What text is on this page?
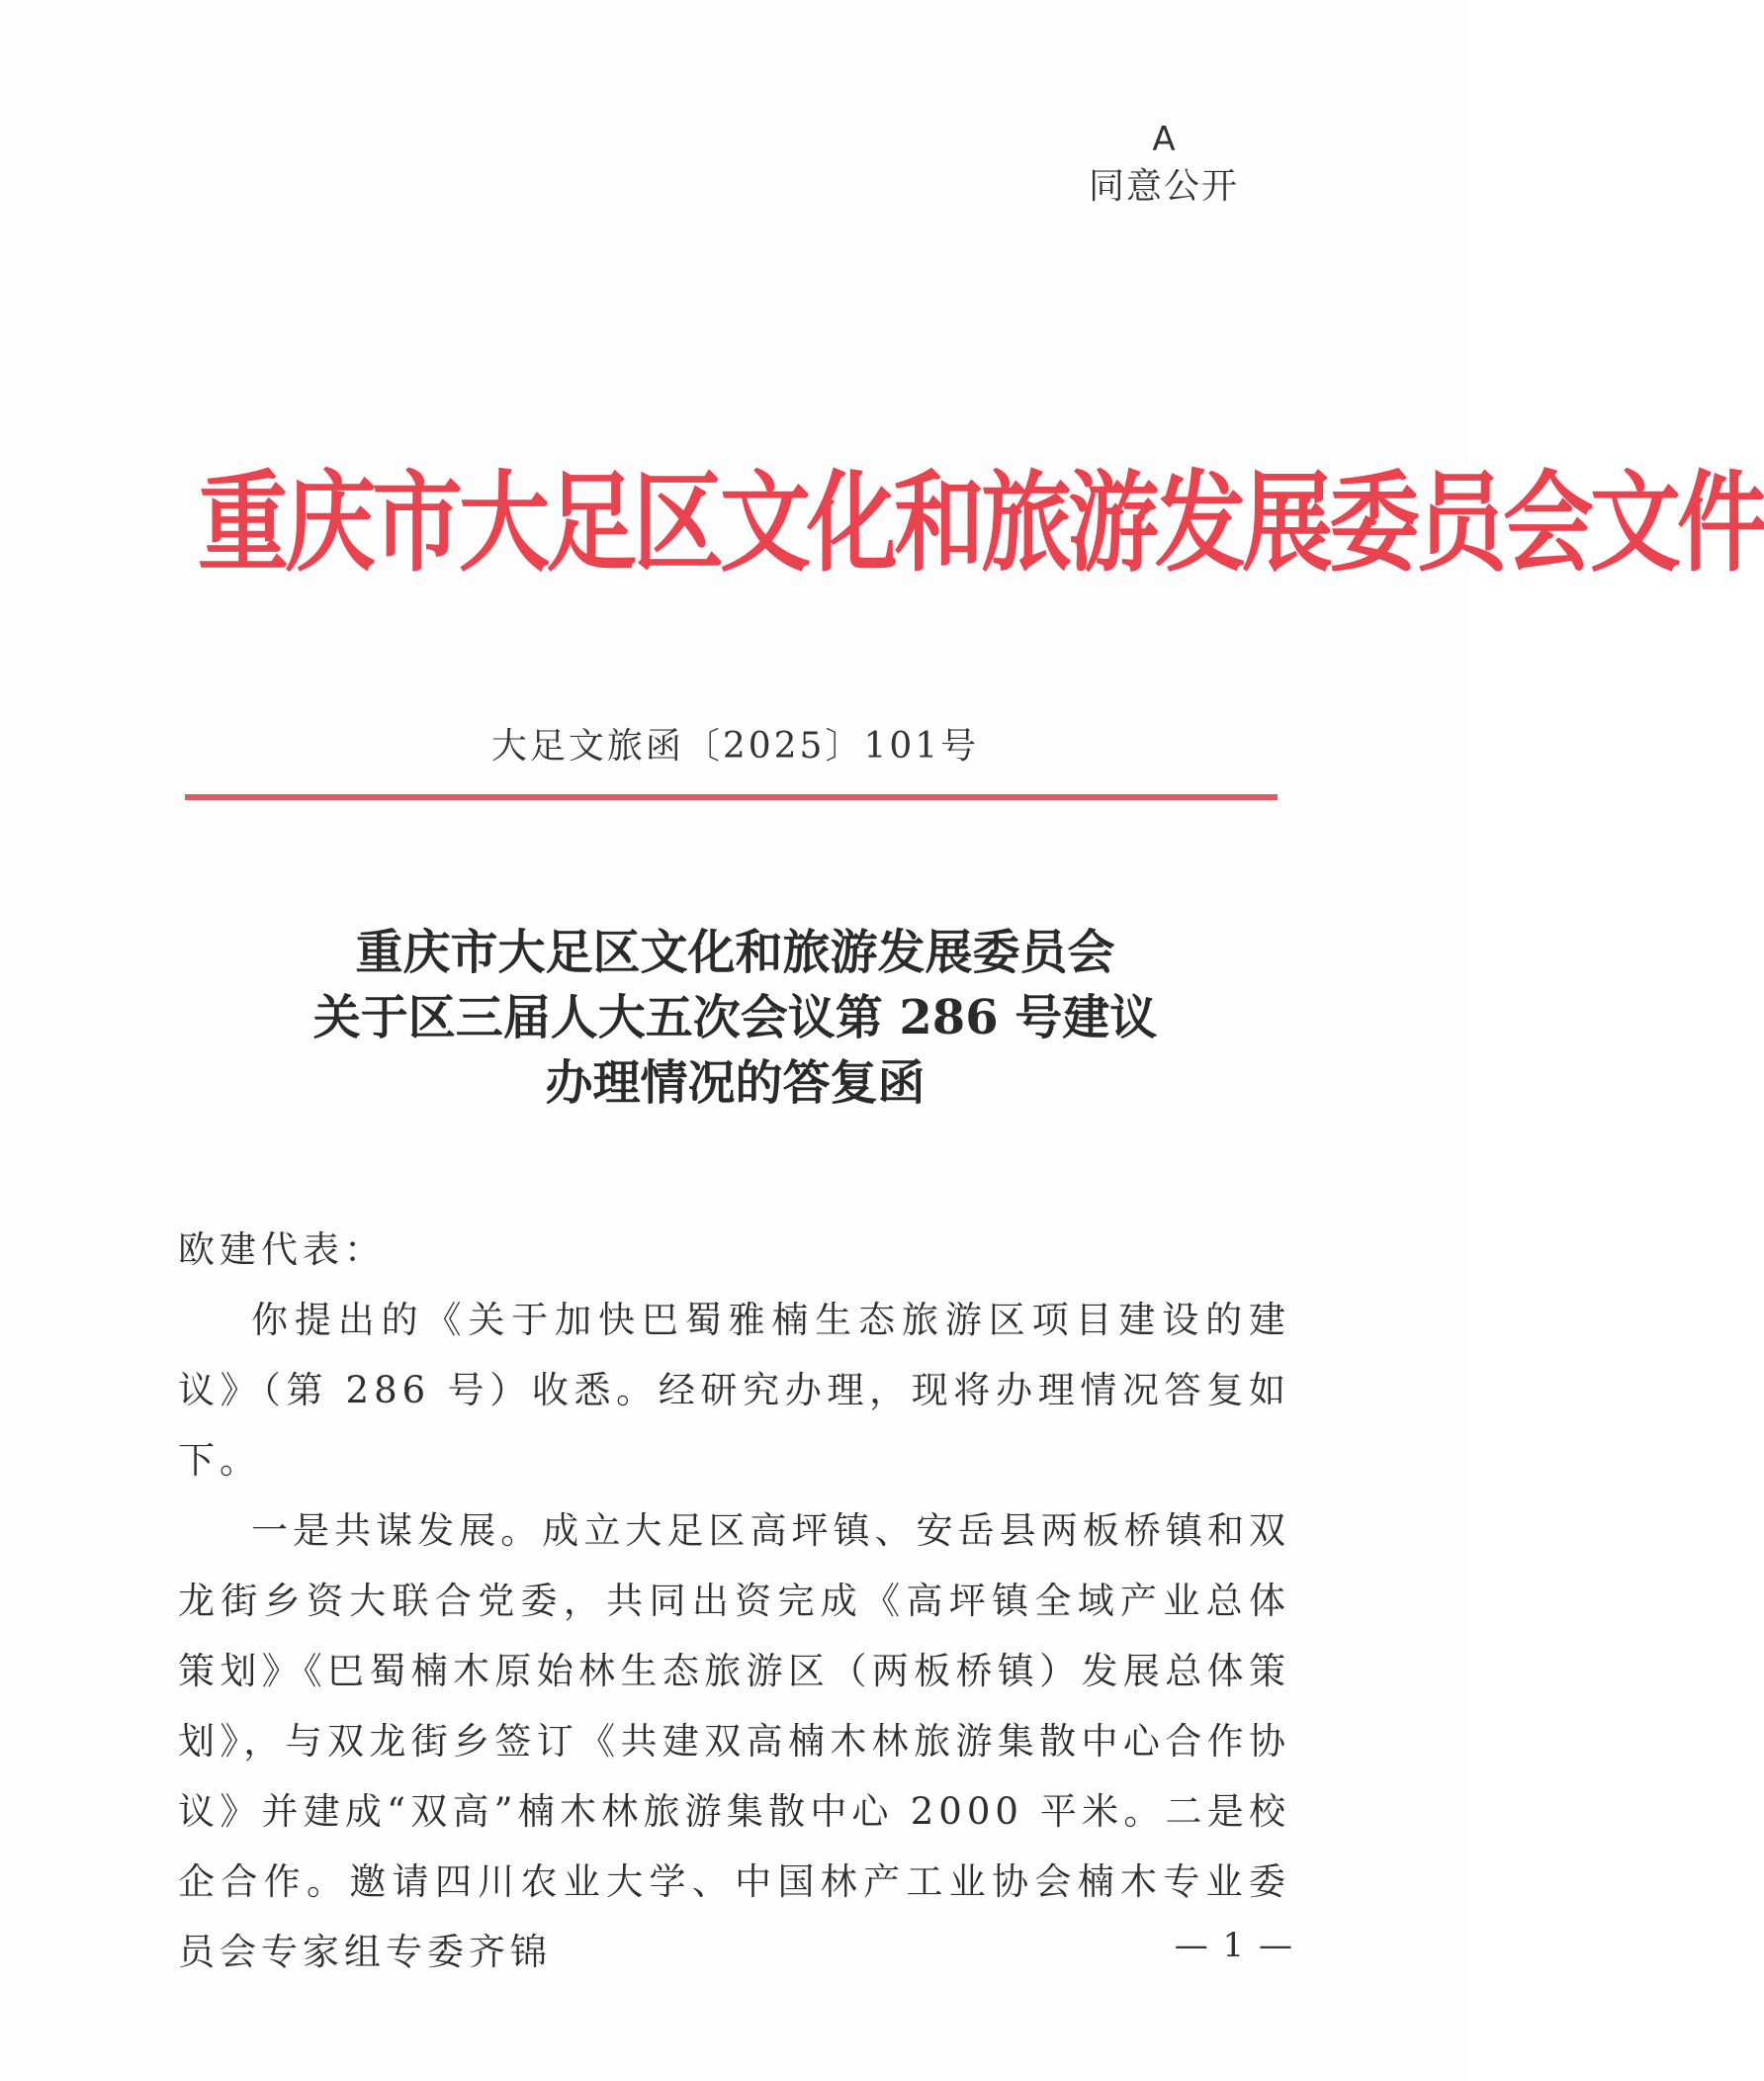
A
同意公开
重庆市大足区文化和旅游发展委员会文件
大足文旅函〔2025〕101号
重庆市大足区文化和旅游发展委员会
关于区三届人大五次会议第 286 号建议
办理情况的答复函
欧建代表：
你提出的《关于加快巴蜀雅楠生态旅游区项目建设的建议》（第 286 号）收悉。经研究办理，现将办理情况答复如下。
一是共谋发展。成立大足区高坪镇、安岳县两板桥镇和双龙街乡资大联合党委，共同出资完成《高坪镇全域产业总体策划》《巴蜀楠木原始林生态旅游区（两板桥镇）发展总体策划》，与双龙街乡签订《共建双高楠木林旅游集散中心合作协议》并建成“双高”楠木林旅游集散中心 2000 平米。二是校企合作。邀请四川农业大学、中国林产工业协会楠木专业委员会专家组专委齐锦	— 1 —
